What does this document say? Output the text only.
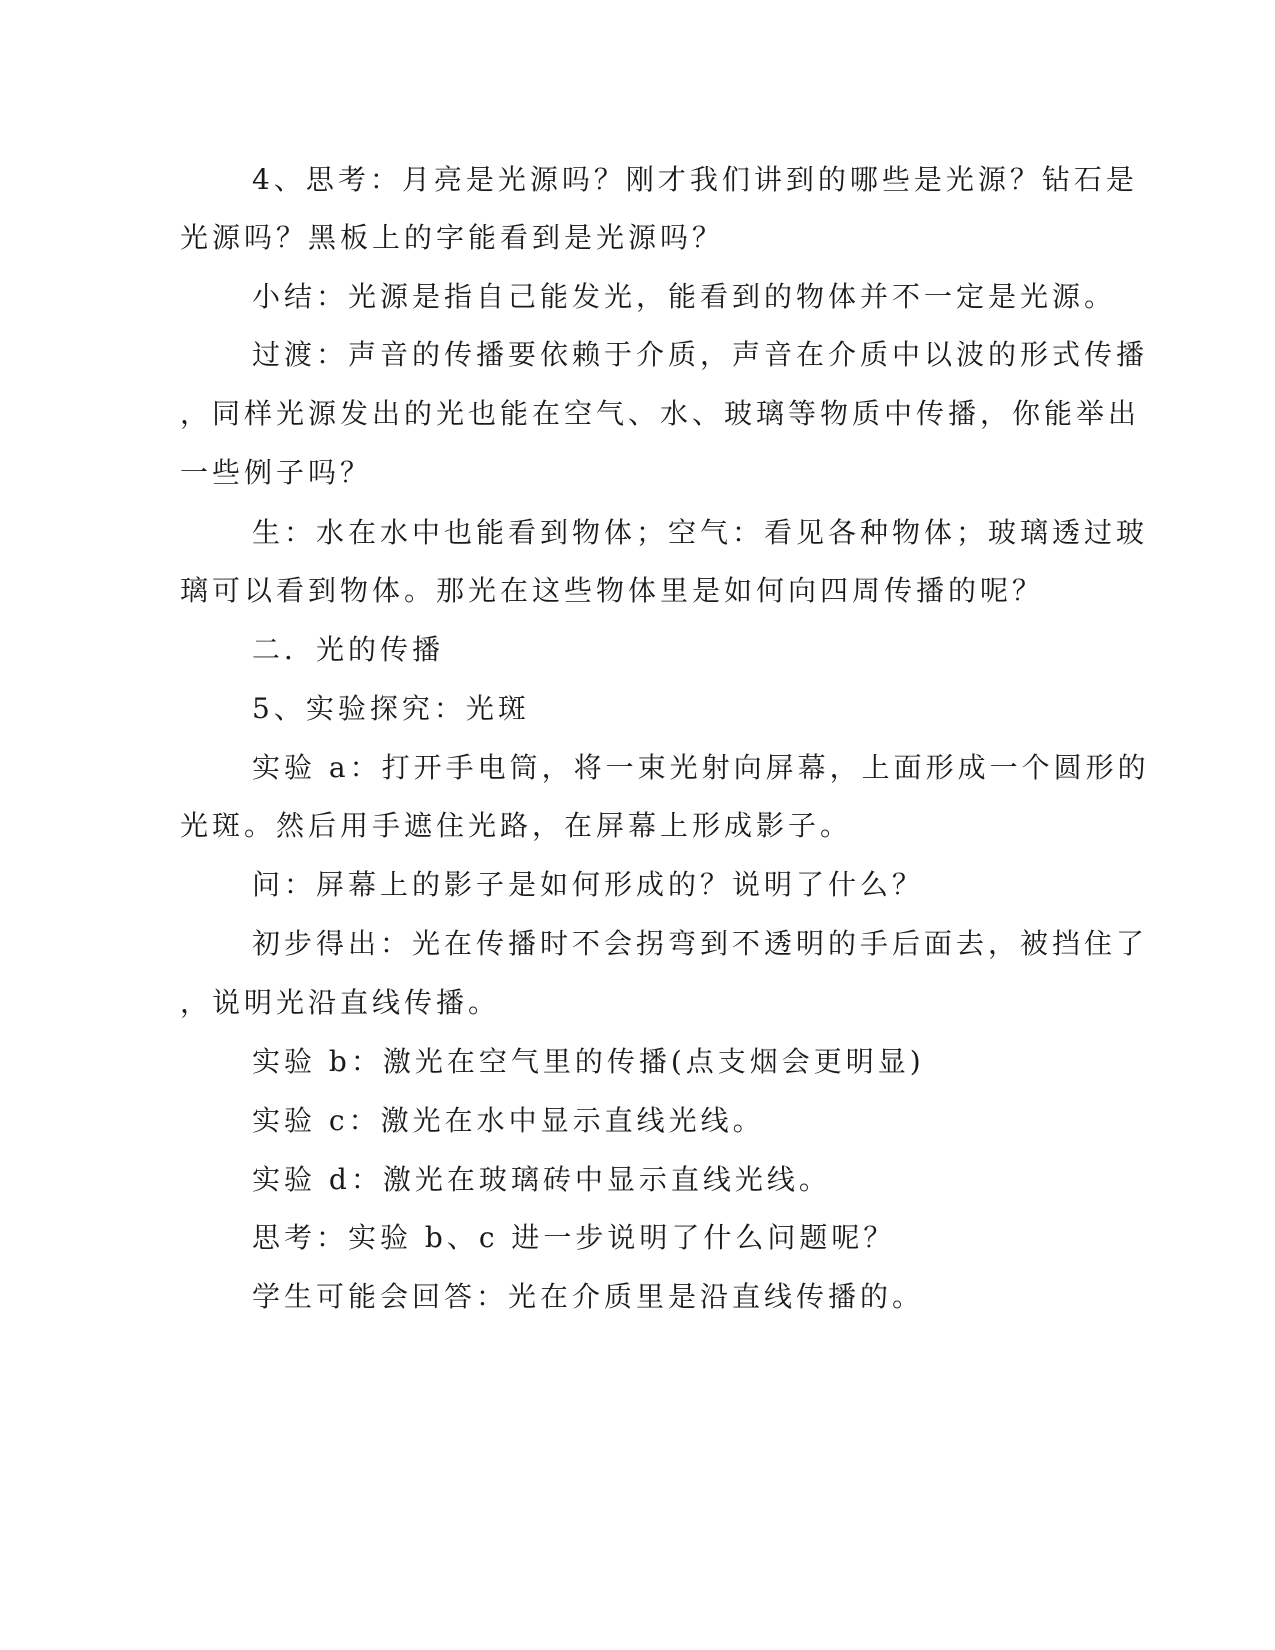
4、思考：月亮是光源吗？刚才我们讲到的哪些是光源？钻石是
光源吗？黑板上的字能看到是光源吗？
小结：光源是指自己能发光，能看到的物体并不一定是光源。
过渡：声音的传播要依赖于介质，声音在介质中以波的形式传播
，同样光源发出的光也能在空气、水、玻璃等物质中传播，你能举出
一些例子吗？
生：水在水中也能看到物体；空气：看见各种物体；玻璃透过玻
璃可以看到物体。那光在这些物体里是如何向四周传播的呢？
二．光的传播
5、实验探究：光斑
实验 a：打开手电筒，将一束光射向屏幕，上面形成一个圆形的
光斑。然后用手遮住光路，在屏幕上形成影子。
问：屏幕上的影子是如何形成的？说明了什么？
初步得出：光在传播时不会拐弯到不透明的手后面去，被挡住了
，说明光沿直线传播。
实验 b：激光在空气里的传播(点支烟会更明显)
实验 c：激光在水中显示直线光线。
实验 d：激光在玻璃砖中显示直线光线。
思考：实验 b、c 进一步说明了什么问题呢？
学生可能会回答：光在介质里是沿直线传播的。
